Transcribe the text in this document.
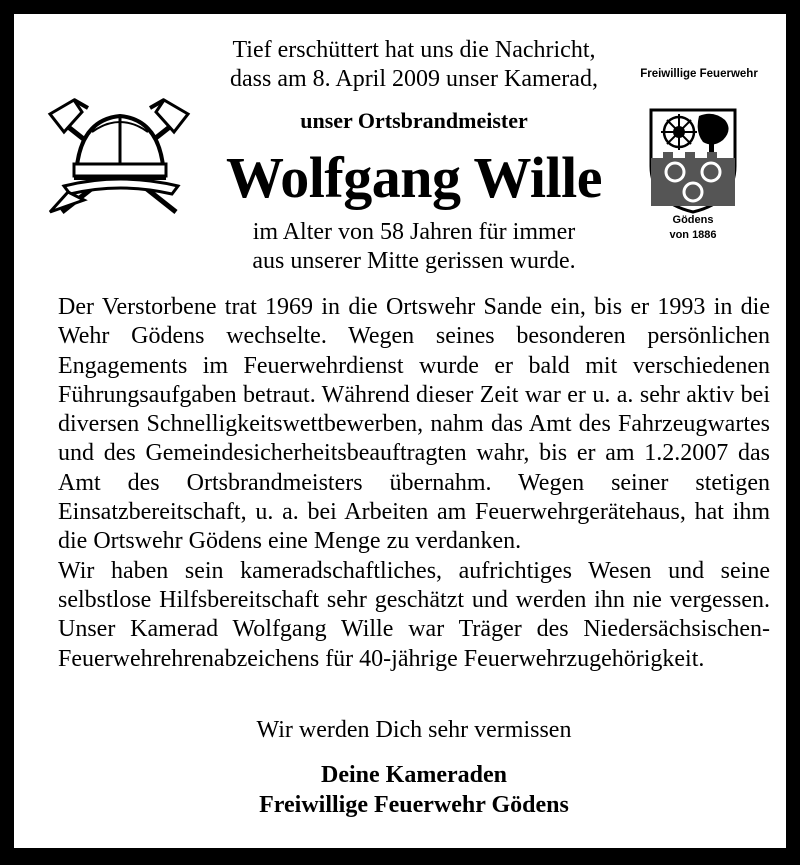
Tief erschüttert hat uns die Nachricht,
dass am 8. April 2009 unser Kamerad,
unser Ortsbrandmeister
Wolfgang Wille
im Alter von 58 Jahren für immer
aus unserer Mitte gerissen wurde.
Freiwillige Feuerwehr
Gödens
von 1886

Der Verstorbene trat 1969 in die Ortswehr Sande ein, bis er 1993 in die Wehr Gödens wechselte. Wegen seines besonderen persönlichen Engagements im Feuerwehrdienst wurde er bald mit verschiedenen Führungsaufgaben betraut. Während dieser Zeit war er u. a. sehr aktiv bei diversen Schnelligkeitswettbewerben, nahm das Amt des Fahrzeugwartes und des Gemeindesicherheitsbeauftragten wahr, bis er am 1.2.2007 das Amt des Ortsbrandmeisters übernahm. Wegen seiner stetigen Einsatzbereitschaft, u. a. bei Arbeiten am Feuerwehrgerätehaus, hat ihm die Ortswehr Gödens eine Menge zu verdanken.

Wir haben sein kameradschaftliches, aufrichtiges Wesen und seine selbstlose Hilfsbereitschaft sehr geschätzt und werden ihn nie vergessen. Unser Kamerad Wolfgang Wille war Träger des Niedersächsischen- Feuerwehrehrenabzeichens für 40-jährige Feuerwehrzugehörigkeit.

Wir werden Dich sehr vermissen
Deine Kameraden
Freiwillige Feuerwehr Gödens
